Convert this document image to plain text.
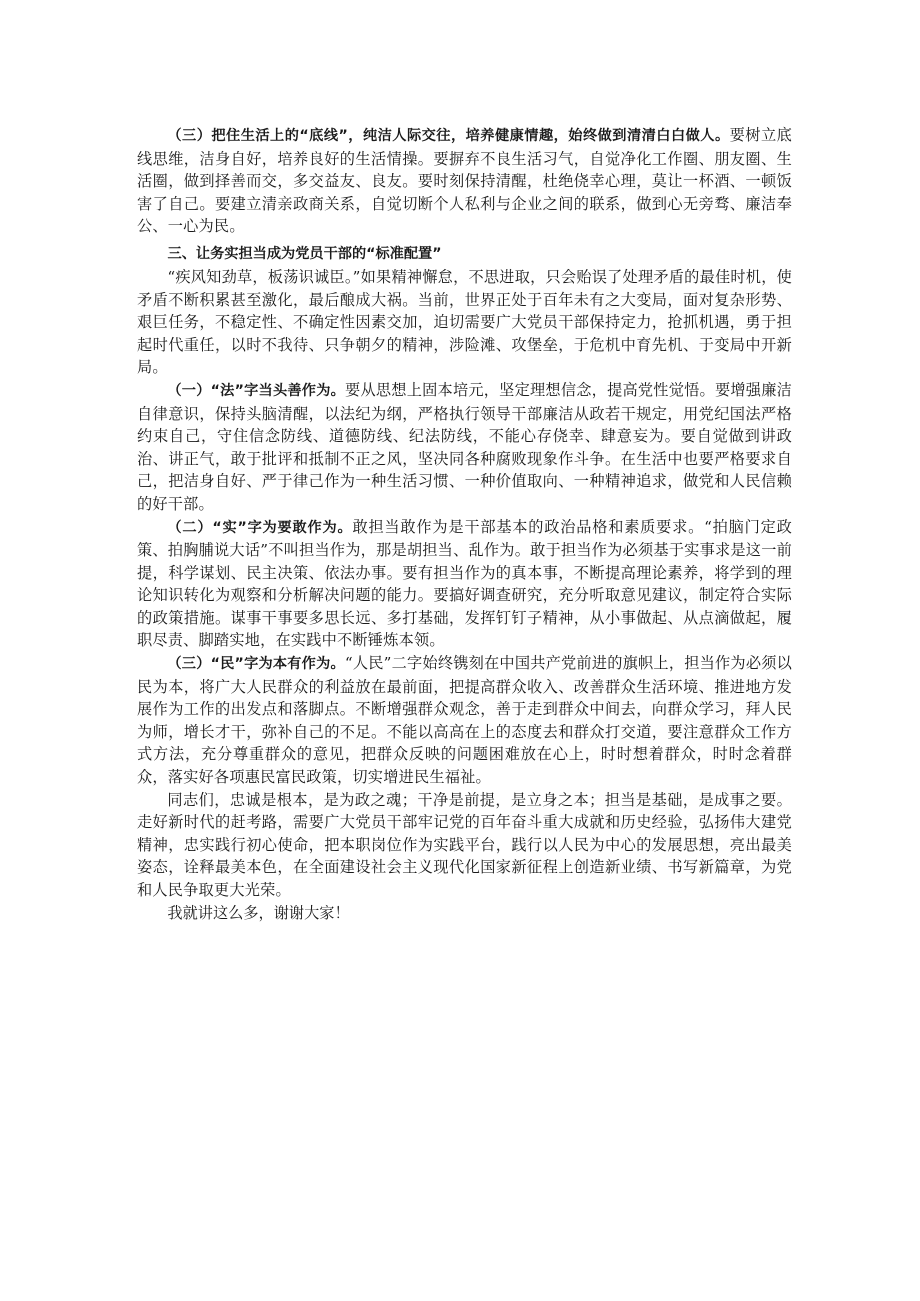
（三）把住生活上的“底线”，纯洁人际交往，培养健康情趣，始终做到清清白白做人。要树立底线思维，洁身自好，培养良好的生活情操。要摒弃不良生活习气，自觉净化工作圈、朋友圈、生活圈，做到择善而交，多交益友、良友。要时刻保持清醒，杜绝侥幸心理，莫让一杯酒、一顿饭害了自己。要建立清亲政商关系，自觉切断个人私利与企业之间的联系，做到心无旁骛、廉洁奉公、一心为民。

三、让务实担当成为党员干部的“标准配置”

“疾风知劲草，板荡识诚臣。”如果精神懈怠，不思进取，只会贻误了处理矛盾的最佳时机，使矛盾不断积累甚至激化，最后酿成大祸。当前，世界正处于百年未有之大变局，面对复杂形势、艰巨任务，不稳定性、不确定性因素交加，迫切需要广大党员干部保持定力，抢抓机遇，勇于担起时代重任，以时不我待、只争朝夕的精神，涉险滩、攻堡垒，于危机中育先机、于变局中开新局。

（一）“法”字当头善作为。要从思想上固本培元，坚定理想信念，提高党性觉悟。要增强廉洁自律意识，保持头脑清醒，以法纪为纲，严格执行领导干部廉洁从政若干规定，用党纪国法严格约束自己，守住信念防线、道德防线、纪法防线，不能心存侥幸、肆意妄为。要自觉做到讲政治、讲正气，敢于批评和抵制不正之风，坚决同各种腐败现象作斗争。在生活中也要严格要求自己，把洁身自好、严于律己作为一种生活习惯、一种价值取向、一种精神追求，做党和人民信赖的好干部。

（二）“实”字为要敢作为。敢担当敢作为是干部基本的政治品格和素质要求。“拍脑门定政策、拍胸脯说大话”不叫担当作为，那是胡担当、乱作为。敢于担当作为必须基于实事求是这一前提，科学谋划、民主决策、依法办事。要有担当作为的真本事，不断提高理论素养，将学到的理论知识转化为观察和分析解决问题的能力。要搞好调查研究，充分听取意见建议，制定符合实际的政策措施。谋事干事要多思长远、多打基础，发挥钉钉子精神，从小事做起、从点滴做起，履职尽责、脚踏实地，在实践中不断锤炼本领。

（三）“民”字为本有作为。“人民”二字始终镌刻在中国共产党前进的旗帜上，担当作为必须以民为本，将广大人民群众的利益放在最前面，把提高群众收入、改善群众生活环境、推进地方发展作为工作的出发点和落脚点。不断增强群众观念，善于走到群众中间去，向群众学习，拜人民为师，增长才干，弥补自己的不足。不能以高高在上的态度去和群众打交道，要注意群众工作方式方法，充分尊重群众的意见，把群众反映的问题困难放在心上，时时想着群众，时时念着群众，落实好各项惠民富民政策，切实增进民生福祉。

同志们，忠诚是根本，是为政之魂；干净是前提，是立身之本；担当是基础，是成事之要。走好新时代的赶考路，需要广大党员干部牢记党的百年奋斗重大成就和历史经验，弘扬伟大建党精神，忠实践行初心使命，把本职岗位作为实践平台，践行以人民为中心的发展思想，亮出最美姿态，诠释最美本色，在全面建设社会主义现代化国家新征程上创造新业绩、书写新篇章，为党和人民争取更大光荣。

我就讲这么多，谢谢大家！
